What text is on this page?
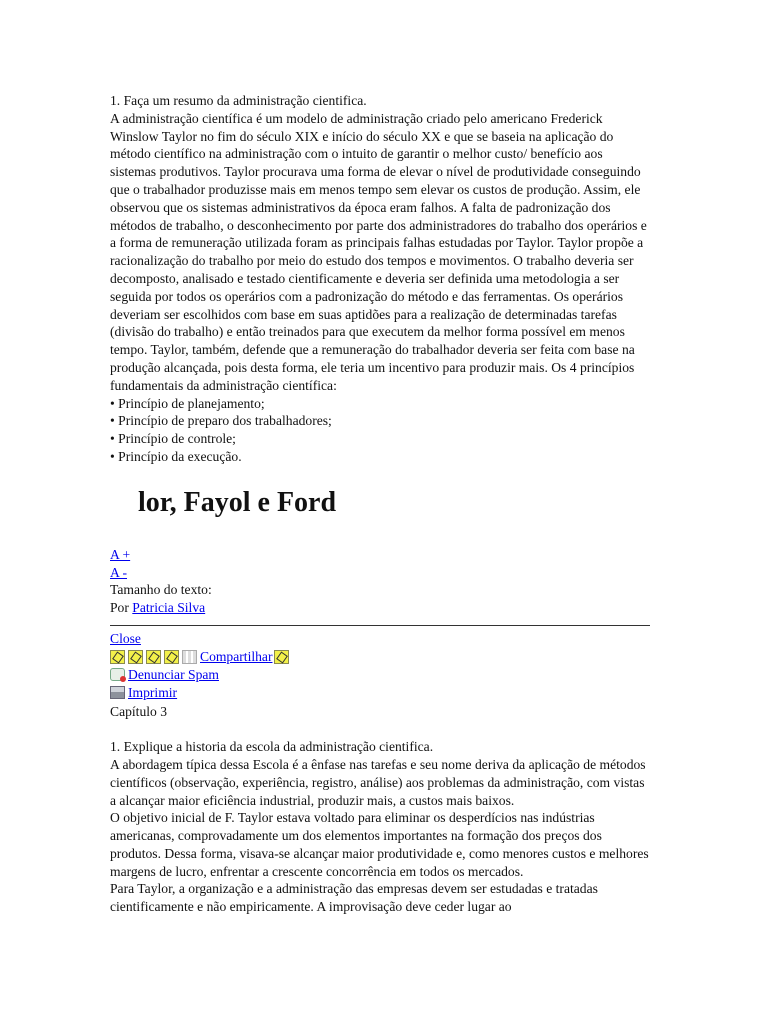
1. Faça um resumo da administração cientifica.

A administração científica é um modelo de administração criado pelo americano Frederick Winslow Taylor no fim do século XIX e início do século XX e que se baseia na aplicação do método científico na administração com o intuito de garantir o melhor custo/ benefício aos sistemas produtivos. Taylor procurava uma forma de elevar o nível de produtividade conseguindo que o trabalhador produzisse mais em menos tempo sem elevar os custos de produção. Assim, ele observou que os sistemas administrativos da época eram falhos. A falta de padronização dos métodos de trabalho, o desconhecimento por parte dos administradores do trabalho dos operários e a forma de remuneração utilizada foram as principais falhas estudadas por Taylor. Taylor propõe a racionalização do trabalho por meio do estudo dos tempos e movimentos. O trabalho deveria ser decomposto, analisado e testado cientificamente e deveria ser definida uma metodologia a ser seguida por todos os operários com a padronização do método e das ferramentas. Os operários deveriam ser escolhidos com base em suas aptidões para a realização de determinadas tarefas (divisão do trabalho) e então treinados para que executem da melhor forma possível em menos tempo. Taylor, também, defende que a remuneração do trabalhador deveria ser feita com base na produção alcançada, pois desta forma, ele teria um incentivo para produzir mais. Os 4 princípios fundamentais da administração científica:

• Princípio de planejamento;
• Princípio de preparo dos trabalhadores;
• Princípio de controle;
• Princípio da execução.
lor, Fayol e Ford
A +
A -
Tamanho do texto:
Por Patricia Silva
Close
Compartilhar
Denunciar Spam
Imprimir
Capítulo 3

1. Explique a historia da escola da administração cientifica.

A abordagem típica dessa Escola é a ênfase nas tarefas e seu nome deriva da aplicação de métodos científicos (observação, experiência, registro, análise) aos problemas da administração, com vistas a alcançar maior eficiência industrial, produzir mais, a custos mais baixos.

O objetivo inicial de F. Taylor estava voltado para eliminar os desperdícios nas indústrias americanas, comprovadamente um dos elementos importantes na formação dos preços dos produtos. Dessa forma, visava-se alcançar maior produtividade e, como menores custos e melhores margens de lucro, enfrentar a crescente concorrência em todos os mercados.

Para Taylor, a organização e a administração das empresas devem ser estudadas e tratadas cientificamente e não empiricamente. A improvisação deve ceder lugar ao
